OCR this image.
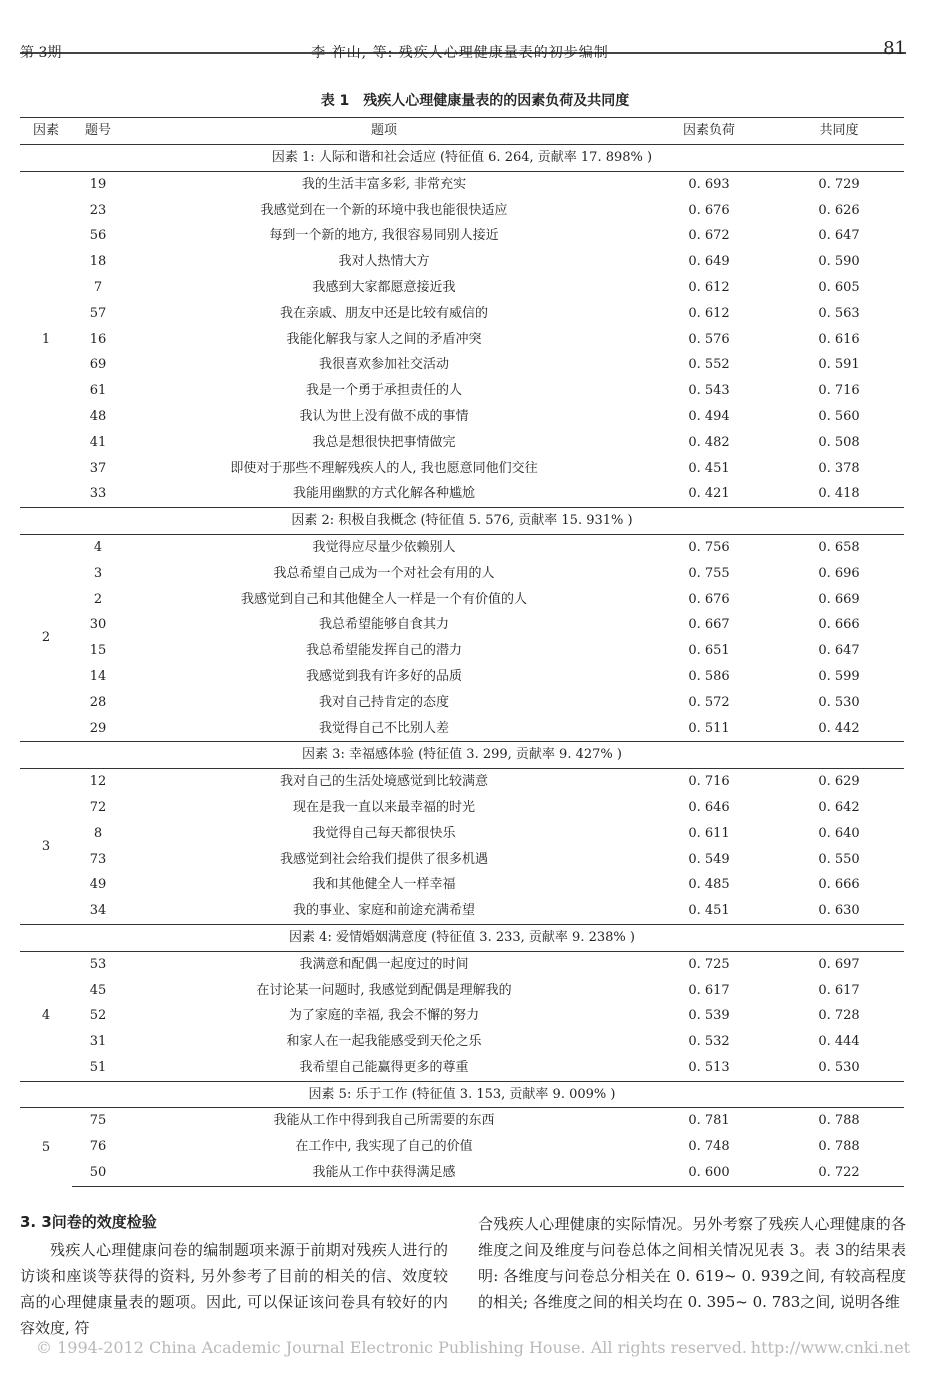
第 3期	李 祚山, 等: 残疾人心理健康量表的初步编制	81
表 1　残疾人心理健康量表的的因素负荷及共同度
因素	题号	题项	因素负荷	共同度
因素 1: 人际和谐和社会适应 (特征值 6. 264, 贡献率 17. 898% )				
1	19	我的生活丰富多彩, 非常充实	0. 693	0. 729
	23	我感觉到在一个新的环境中我也能很快适应	0. 676	0. 626
	56	每到一个新的地方, 我很容易同别人接近	0. 672	0. 647
	18	我对人热情大方	0. 649	0. 590
	7	我感到大家都愿意接近我	0. 612	0. 605
	57	我在亲戚、朋友中还是比较有威信的	0. 612	0. 563
	16	我能化解我与家人之间的矛盾冲突	0. 576	0. 616
	69	我很喜欢参加社交活动	0. 552	0. 591
	61	我是一个勇于承担责任的人	0. 543	0. 716
	48	我认为世上没有做不成的事情	0. 494	0. 560
	41	我总是想很快把事情做完	0. 482	0. 508
	37	即使对于那些不理解残疾人的人, 我也愿意同他们交往	0. 451	0. 378
	33	我能用幽默的方式化解各种尴尬	0. 421	0. 418
因素 2: 积极自我概念 (特征值 5. 576, 贡献率 15. 931% )				
2	4	我觉得应尽量少依赖别人	0. 756	0. 658
	3	我总希望自己成为一个对社会有用的人	0. 755	0. 696
	2	我感觉到自己和其他健全人一样是一个有价值的人	0. 676	0. 669
	30	我总希望能够自食其力	0. 667	0. 666
	15	我总希望能发挥自己的潜力	0. 651	0. 647
	14	我感觉到我有许多好的品质	0. 586	0. 599
	28	我对自己持肯定的态度	0. 572	0. 530
	29	我觉得自己不比别人差	0. 511	0. 442
因素 3: 幸福感体验 (特征值 3. 299, 贡献率 9. 427% )				
3	12	我对自己的生活处境感觉到比较满意	0. 716	0. 629
	72	现在是我一直以来最幸福的时光	0. 646	0. 642
	8	我觉得自己每天都很快乐	0. 611	0. 640
	73	我感觉到社会给我们提供了很多机遇	0. 549	0. 550
	49	我和其他健全人一样幸福	0. 485	0. 666
	34	我的事业、家庭和前途充满希望	0. 451	0. 630
因素 4: 爱情婚姻满意度 (特征值 3. 233, 贡献率 9. 238% )				
4	53	我满意和配偶一起度过的时间	0. 725	0. 697
	45	在讨论某一问题时, 我感觉到配偶是理解我的	0. 617	0. 617
	52	为了家庭的幸福, 我会不懈的努力	0. 539	0. 728
	31	和家人在一起我能感受到天伦之乐	0. 532	0. 444
	51	我希望自己能赢得更多的尊重	0. 513	0. 530
因素 5: 乐于工作 (特征值 3. 153, 贡献率 9. 009% )				
5	75	我能从工作中得到我自己所需要的东西	0. 781	0. 788
	76	在工作中, 我实现了自己的价值	0. 748	0. 788
	50	我能从工作中获得满足感	0. 600	0. 722
3. 3问卷的效度检验

残疾人心理健康问卷的编制题项来源于前期对残疾人进行的访谈和座谈等获得的资料, 另外参考了目前的相关的信、效度较高的心理健康量表的题项。因此, 可以保证该问卷具有较好的内容效度, 符

合残疾人心理健康的实际情况。另外考察了残疾人心理健康的各维度之间及维度与问卷总体之间相关情况见表 3。表 3的结果表明: 各维度与问卷总分相关在 0. 619~ 0. 939之间, 有较高程度的相关; 各维度之间的相关均在 0. 395~ 0. 783之间, 说明各维

© 1994-2012 China Academic Journal Electronic Publishing House. All rights reserved. http://www.cnki.net
